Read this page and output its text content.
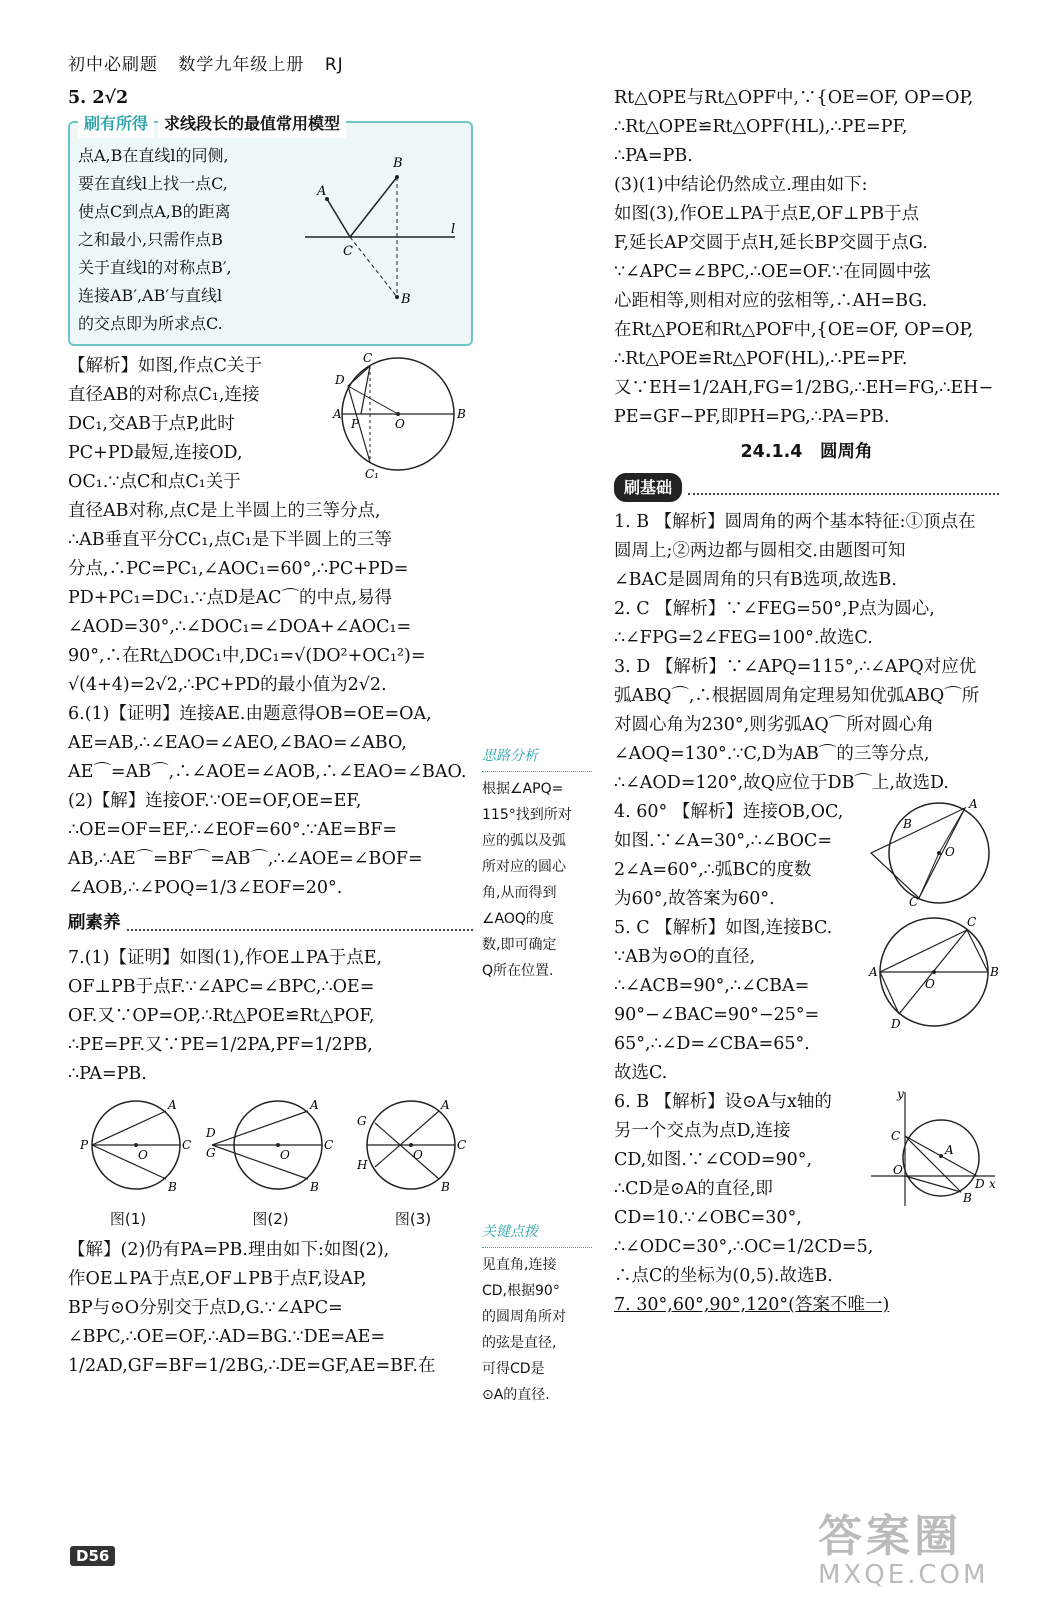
初中必刷题 数学九年级上册 RJ

5. 2√2

刷有所得	求线段长的最值常用模型

点A,B在直线l的同侧,

要在直线l上找一点C,

使点C到点A,B的距离

之和最小,只需作点B

关于直线l的对称点B′,

连接AB′,AB′与直线l

的交点即为所求点C.

A
B
C
B
l
C
D
A
P	O
B
C₁

【解析】如图,作点C关于

直径AB的对称点C₁,连接

DC₁,交AB于点P,此时

PC+PD最短,连接OD,

OC₁.∵点C和点C₁关于

直径AB对称,点C是上半圆上的三等分点,

∴AB垂直平分CC₁,点C₁是下半圆上的三等

分点,∴PC=PC₁,∠AOC₁=60°,∴PC+PD=

PD+PC₁=DC₁.∵点D是AC⌒的中点,易得

∠AOD=30°,∴∠DOC₁=∠DOA+∠AOC₁=

90°,∴在Rt△DOC₁中,DC₁=√(DO²+OC₁²)=

√(4+4)=2√2,∴PC+PD的最小值为2√2.

6.(1)【证明】连接AE.由题意得OB=OE=OA,

AE=AB,∴∠EAO=∠AEO,∠BAO=∠ABO,

AE⌒=AB⌒,∴∠AOE=∠AOB,∴∠EAO=∠BAO.

(2)【解】连接OF.∵OE=OF,OE=EF,

∴OE=OF=EF,∴∠EOF=60°.∵AE=BF=

AB,∴AE⌒=BF⌒=AB⌒,∴∠AOE=∠BOF=

∠AOB,∴∠POQ=1/3∠EOF=20°.

刷素养

7.(1)【证明】如图(1),作OE⊥PA于点E,

OF⊥PB于点F.∵∠APC=∠BPC,∴OE=

OF.又∵OP=OP,∴Rt△POE≌Rt△POF,

∴PE=PF.又∵PE=1/2PA,PF=1/2PB,

∴PA=PB.

P
A
B
C
O
图(1)
D
G
A
B
C
O
图(2)
G
H
A
B
C
O
图(3)

【解】(2)仍有PA=PB.理由如下:如图(2),

作OE⊥PA于点E,OF⊥PB于点F,设AP,

BP与⊙O分别交于点D,G.∵∠APC=

∠BPC,∴OE=OF,∴AD=BG.∵DE=AE=

1/2AD,GF=BF=1/2BG,∴DE=GF,AE=BF.在

思路分析

根据∠APQ=

115°找到所对

应的弧以及弧

所对应的圆心

角,从而得到

∠AOQ的度

数,即可确定

Q所在位置.

关键点拨

见直角,连接

CD,根据90°

的圆周角所对

的弦是直径,

可得CD是

⊙A的直径.

Rt△OPE与Rt△OPF中,∵{OE=OF, OP=OP,

∴Rt△OPE≌Rt△OPF(HL),∴PE=PF,

∴PA=PB.

(3)(1)中结论仍然成立.理由如下:

如图(3),作OE⊥PA于点E,OF⊥PB于点

F,延长AP交圆于点H,延长BP交圆于点G.

∵∠APC=∠BPC,∴OE=OF.∵在同圆中弦

心距相等,则相对应的弦相等,∴AH=BG.

在Rt△POE和Rt△POF中,{OE=OF, OP=OP,

∴Rt△POE≌Rt△POF(HL),∴PE=PF.

又∵EH=1/2AH,FG=1/2BG,∴EH=FG,∴EH−

PE=GF−PF,即PH=PG,∴PA=PB.

24.1.4　圆周角
刷基础

1. B 【解析】圆周角的两个基本特征:①顶点在

圆周上;②两边都与圆相交.由题图可知

∠BAC是圆周角的只有B选项,故选B.

2. C 【解析】∵∠FEG=50°,P点为圆心,

∴∠FPG=2∠FEG=100°.故选C.

3. D 【解析】∵∠APQ=115°,∴∠APQ对应优

弧ABQ⌒,∴根据圆周角定理易知优弧ABQ⌒所

对圆心角为230°,则劣弧AQ⌒所对圆心角

∠AOQ=130°.∵C,D为AB⌒的三等分点,

∴∠AOD=120°,故Q应位于DB⌒上,故选D.

A
B
C
O

4. 60° 【解析】连接OB,OC,

如图.∵∠A=30°,∴∠BOC=

2∠A=60°,∴弧BC的度数

为60°,故答案为60°.

A	B
C
D
O

5. C 【解析】如图,连接BC.

∵AB为⊙O的直径,

∴∠ACB=90°,∴∠CBA=

90°−∠BAC=90°−25°=

65°,∴∠D=∠CBA=65°.

故选C.

y
x
O
C
A
D
B

6. B 【解析】设⊙A与x轴的

另一个交点为点D,连接

CD,如图.∵∠COD=90°,

∴CD是⊙A的直径,即

CD=10.∵∠OBC=30°,

∴∠ODC=30°,∴OC=1/2CD=5,

∴点C的坐标为(0,5).故选B.

7. 30°,60°,90°,120°(答案不唯一)

D56	答案圈
MXQE.COM
